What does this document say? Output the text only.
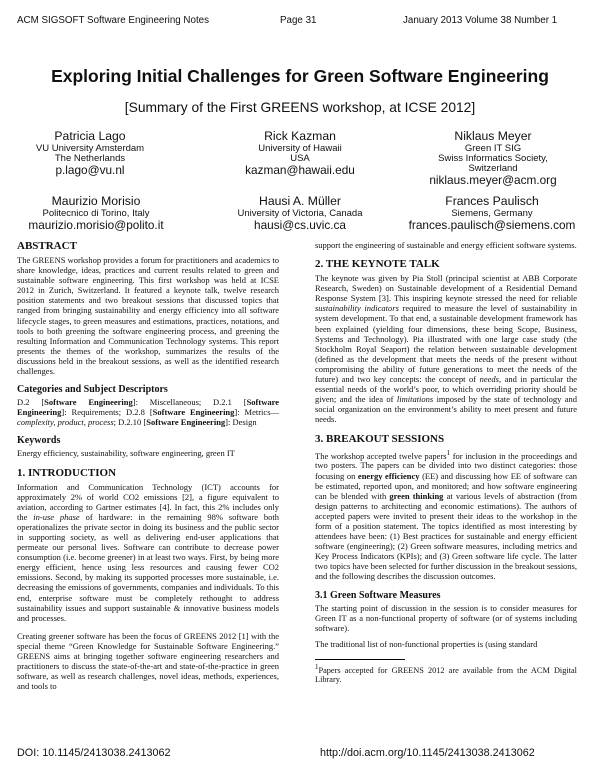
ACM SIGSOFT Software Engineering Notes	Page 31	January 2013 Volume 38 Number 1
Exploring Initial Challenges for Green Software Engineering
[Summary of the First GREENS workshop, at ICSE 2012]
Patricia Lago
VU University Amsterdam
The Netherlands
p.lago@vu.nl
Rick Kazman
University of Hawaii
USA
kazman@hawaii.edu
Niklaus Meyer
Green IT SIG
Swiss Informatics Society,
Switzerland
niklaus.meyer@acm.org
Maurizio Morisio
Politecnico di Torino, Italy
maurizio.morisio@polito.it
Hausi A. Müller
University of Victoria, Canada
hausi@cs.uvic.ca
Frances Paulisch
Siemens, Germany
frances.paulisch@siemens.com
ABSTRACT

The GREENS workshop provides a forum for practitioners and academics to share knowledge, ideas, practices and current results related to green and sustainable software engineering. This first workshop was held at ICSE 2012 in Zurich, Switzerland. It featured a keynote talk, twelve research position statements and two breakout sessions that discussed topics that ranged from bringing sustainability and energy efficiency into all software lifecycle stages, to green measures and estimations, practices, notations, and tools to both greening the software engineering process, and greening the resulting Information and Communication Technology systems. This report presents the themes of the workshop, summarizes the results of the discussions held in the breakout sessions, as well as the identified research challenges.

Categories and Subject Descriptors

D.2 [Software Engineering]: Miscellaneous; D.2.1 [Software Engineering]: Requirements; D.2.8 [Software Engineering]: Metrics—complexity, product, process; D.2.10 [Software Engineering]: Design

Keywords

Energy efficiency, sustainability, software engineering, green IT

1. INTRODUCTION

Information and Communication Technology (ICT) accounts for approximately 2% of world CO2 emissions [2], a figure equivalent to aviation, according to Gartner estimates [4]. In fact, this 2% includes only the in-use phase of hardware: in the remaining 98% software both operationalizes the private sector in doing its business and the public sector in supporting society, as well as delivering end-user applications that permeate our personal lives. Software can contribute to decrease power consumption (i.e. become greener) in at least two ways. First, by being more energy efficient, hence using less resources and causing fewer CO2 emissions. Second, by making its supported processes more sustainable, i.e. decreasing the emissions of governments, companies and individuals. To this end, enterprise software must be completely rethought to address sustainability issues and support sustainable & innovative business models and processes.

Creating greener software has been the focus of GREENS 2012 [1] with the special theme “Green Knowledge for Sustainable Software Engineering.” GREENS aims at bringing together software engineering researchers and practitioners to discuss the state-of-the-art and state-of-the-practice in green software, as well as research challenges, novel ideas, methods, experiences, and tools to

support the engineering of sustainable and energy efficient software systems.

2. THE KEYNOTE TALK

The keynote was given by Pia Stoll (principal scientist at ABB Corporate Research, Sweden) on Sustainable development of a Residential Demand Response System [3]. This inspiring keynote stressed the need for reliable sustainability indicators required to measure the level of sustainability in system development. To that end, a sustainable development framework has been explained (yielding four dimensions, these being Scope, Business, Systems and Technology). Pia illustrated with one large case study (the Stockholm Royal Seaport) the relation between sustainable development (defined as the development that meets the needs of the present without compromising the ability of future generations to meet the needs of the future) and two key concepts: the concept of needs, and in particular the essential needs of the world’s poor, to which overriding priority should be given; and the idea of limitations imposed by the state of technology and social organization on the environment’s ability to meet present and future needs.

3. BREAKOUT SESSIONS

The workshop accepted twelve papers$^1$ for inclusion in the proceedings and two posters. The papers can be divided into two distinct categories: those focusing on energy efficiency (EE) and discussing how EE of software can be estimated, reported upon, and monitored; and how software engineering can be blended with green thinking at various levels of abstraction (from design patterns to architecting and economic estimations). The authors of accepted papers were invited to present their ideas to the workshop in the form of a position statement. The topics identified as most interesting by attendees have been: (1) Best practices for sustainable and energy efficient software (engineering); (2) Green software measures, including metrics and Key Process Indicators (KPIs); and (3) Green software life cycle. The latter two topics have been selected for further discussion in the breakout sessions, and the following describes the discussion outcomes.

3.1 Green Software Measures

The starting point of discussion in the session is to consider measures for Green IT as a non-functional property of software (or of systems including software).

The traditional list of non-functional properties is (using standard

$^1$Papers accepted for GREENS 2012 are available from the ACM Digital Library.

DOI: 10.1145/2413038.2413062	http://doi.acm.org/10.1145/2413038.2413062
